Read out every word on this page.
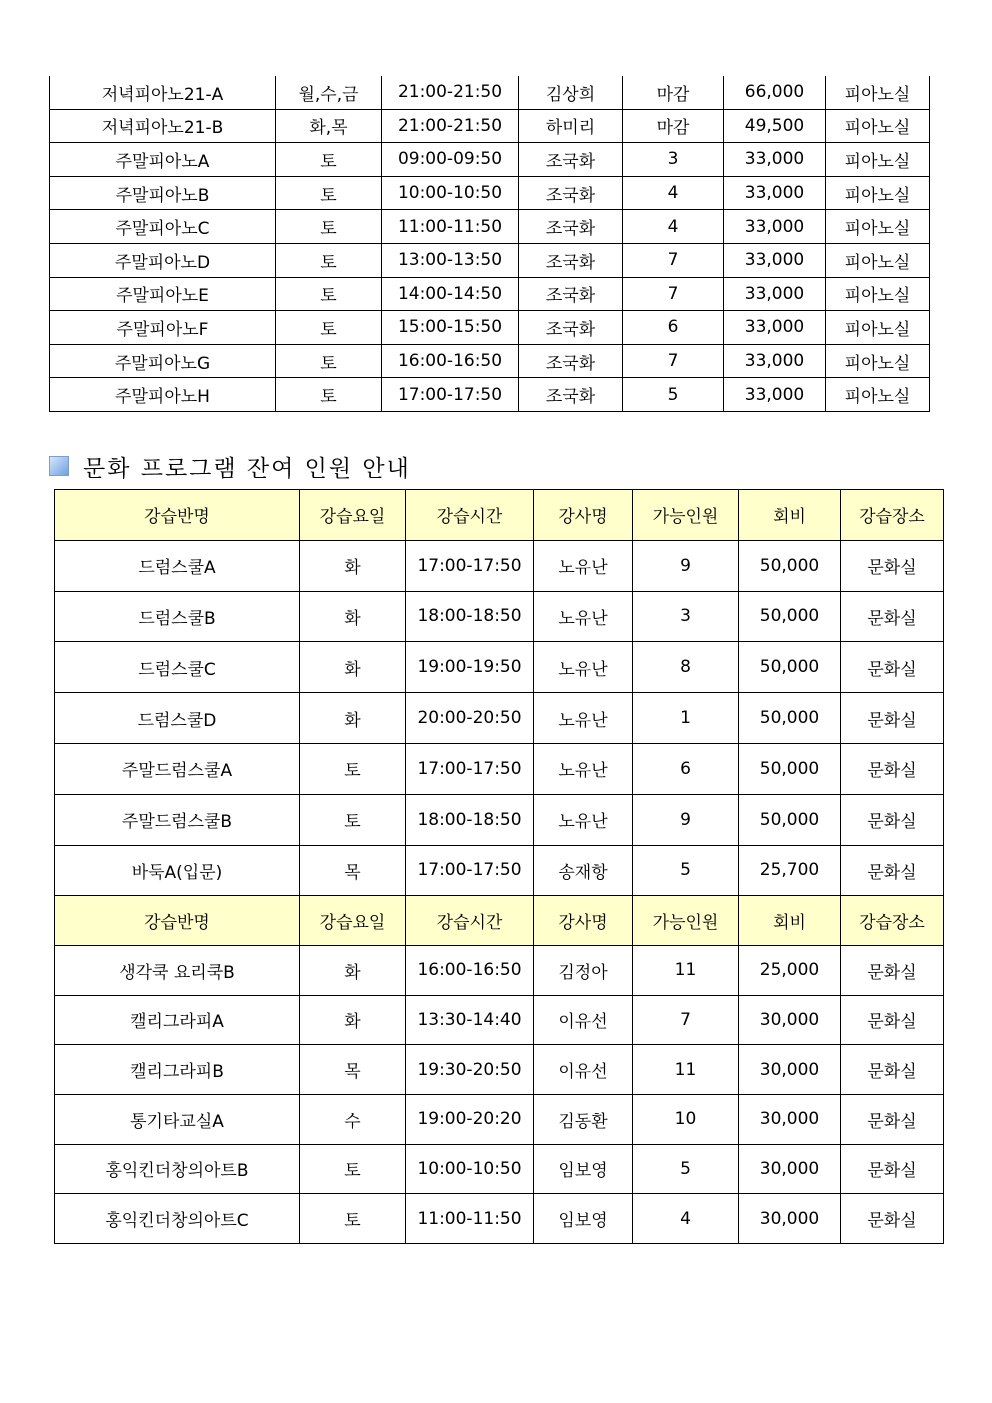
저녁피아노21-A	월,수,금	21:00-21:50	김상희	마감	66,000	피아노실
저녁피아노21-B	화,목	21:00-21:50	하미리	마감	49,500	피아노실
주말피아노A	토	09:00-09:50	조국화	3	33,000	피아노실
주말피아노B	토	10:00-10:50	조국화	4	33,000	피아노실
주말피아노C	토	11:00-11:50	조국화	4	33,000	피아노실
주말피아노D	토	13:00-13:50	조국화	7	33,000	피아노실
주말피아노E	토	14:00-14:50	조국화	7	33,000	피아노실
주말피아노F	토	15:00-15:50	조국화	6	33,000	피아노실
주말피아노G	토	16:00-16:50	조국화	7	33,000	피아노실
주말피아노H	토	17:00-17:50	조국화	5	33,000	피아노실
문화 프로그램 잔여 인원 안내
강습반명	강습요일	강습시간	강사명	가능인원	회비	강습장소
드럼스쿨A	화	17:00-17:50	노유난	9	50,000	문화실
드럼스쿨B	화	18:00-18:50	노유난	3	50,000	문화실
드럼스쿨C	화	19:00-19:50	노유난	8	50,000	문화실
드럼스쿨D	화	20:00-20:50	노유난	1	50,000	문화실
주말드럼스쿨A	토	17:00-17:50	노유난	6	50,000	문화실
주말드럼스쿨B	토	18:00-18:50	노유난	9	50,000	문화실
바둑A(입문)	목	17:00-17:50	송재항	5	25,700	문화실
강습반명	강습요일	강습시간	강사명	가능인원	회비	강습장소
생각쿡 요리쿡B	화	16:00-16:50	김정아	11	25,000	문화실
캘리그라피A	화	13:30-14:40	이유선	7	30,000	문화실
캘리그라피B	목	19:30-20:50	이유선	11	30,000	문화실
통기타교실A	수	19:00-20:20	김동환	10	30,000	문화실
홍익킨더창의아트B	토	10:00-10:50	임보영	5	30,000	문화실
홍익킨더창의아트C	토	11:00-11:50	임보영	4	30,000	문화실
